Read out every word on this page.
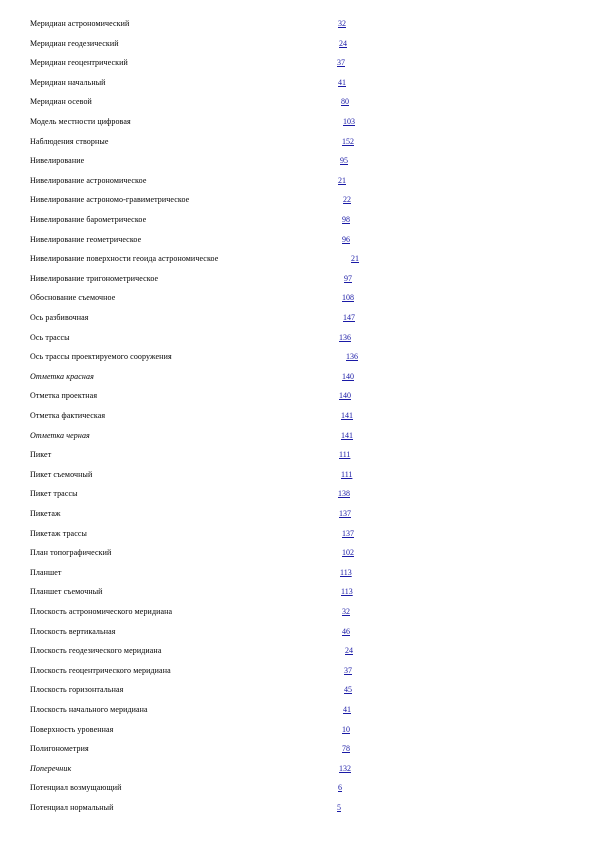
Меридиан астрономический	32
Меридиан геодезический	24
Меридиан геоцентрический	37
Меридиан начальный	41
Меридиан осевой	80
Модель местности цифровая	103
Наблюдения створные	152
Нивелирование	95
Нивелирование астрономическое	21
Нивелирование астрономо-гравиметрическое	22
Нивелирование барометрическое	98
Нивелирование геометрическое	96
Нивелирование поверхности геоида астрономическое	21
Нивелирование тригонометрическое	97
Обоснование съемочное	108
Ось разбивочная	147
Ось трассы	136
Ось трассы проектируемого сооружения	136
Отметка красная	140
Отметка проектная	140
Отметка фактическая	141
Отметка черная	141
Пикет	111
Пикет съемочный	111
Пикет трассы	138
Пикетаж	137
Пикетаж трассы	137
План топографический	102
Планшет	113
Планшет съемочный	113
Плоскость астрономического меридиана	32
Плоскость вертикальная	46
Плоскость геодезического меридиана	24
Плоскость геоцентрического меридиана	37
Плоскость горизонтальная	45
Плоскость начального меридиана	41
Поверхность уровенная	10
Полигонометрия	78
Поперечник	132
Потенциал возмущающий	6
Потенциал нормальный	5
